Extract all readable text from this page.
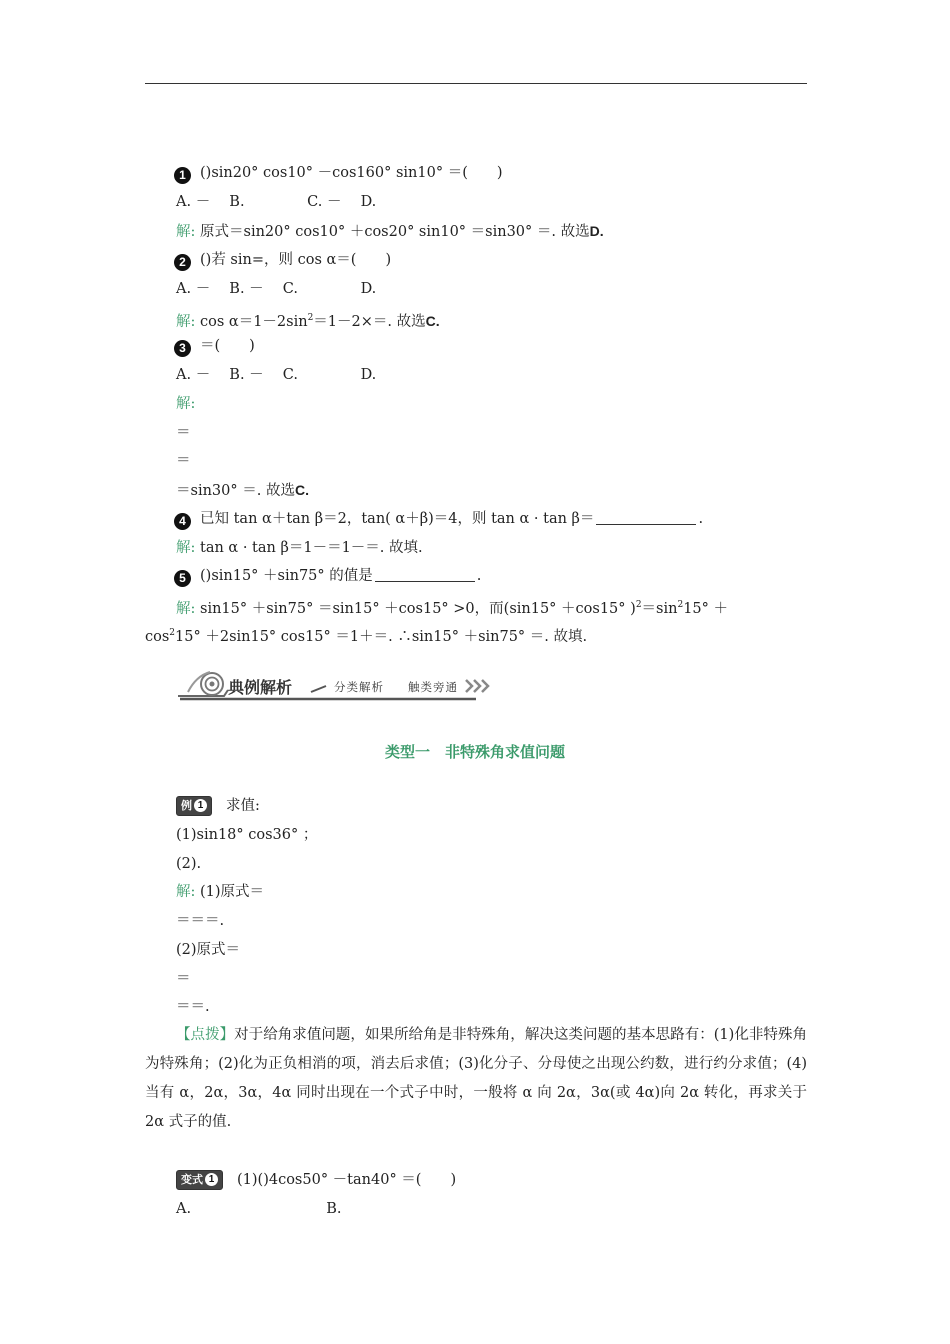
1 ()sin20° cos10° －cos160° sin10° ＝(　　)
A. －　 B.　　　　 C. －　 D.
解: 原式＝sin20° cos10° ＋cos20° sin10° ＝sin30° ＝. 故选D.
2 ()若 sin=，则 cos α＝(　　)
A. －　 B. －　 C.　　　　 D.
解: $\cos \alpha=1-2\sin^2=1-2\times=$. 故选C.
3 ＝(　　)
A. －　 B. －　 C.　　　　 D.
解:
＝
＝
＝sin30° ＝. 故选C.
4 已知 tan α＋tan β＝2，tan( α＋β)＝4，则 tan α · tan β＝	.
解: tan α · tan β＝1－＝1－＝. 故填.
5 ()sin15° ＋sin75° 的值是	.
解: sin15° ＋sin75° ＝sin15° ＋cos15° >0，而(sin15° ＋cos15° )$^2=\sin^215^\circ$ ＋
$\cos^215^\circ +2\sin 15^\circ$ cos15° ＝1＋＝. ∴sin15° ＋sin75° ＝. 故填.
典例解析	分类解析 触类旁通
类型一　非特殊角求值问题
例 1 求值:
(1)sin18° cos36° ；
(2).
解: (1)原式＝
＝＝＝.
(2)原式＝
＝
＝＝.
【点拨】对于给角求值问题，如果所给角是非特殊角，解决这类问题的基本思路有：(1)化非特殊角为特殊角；(2)化为正负相消的项，消去后求值；(3)化分子、分母使之出现公约数，进行约分求值；(4)当有 α，2α，3α，4α 同时出现在一个式子中时，一般将 α 向 2α，3α(或 4α)向 2α 转化，再求关于 2α 式子的值.
变式 1 (1)()4cos50° －tan40° ＝(　　)
A.　　　　　　　　　 B.
